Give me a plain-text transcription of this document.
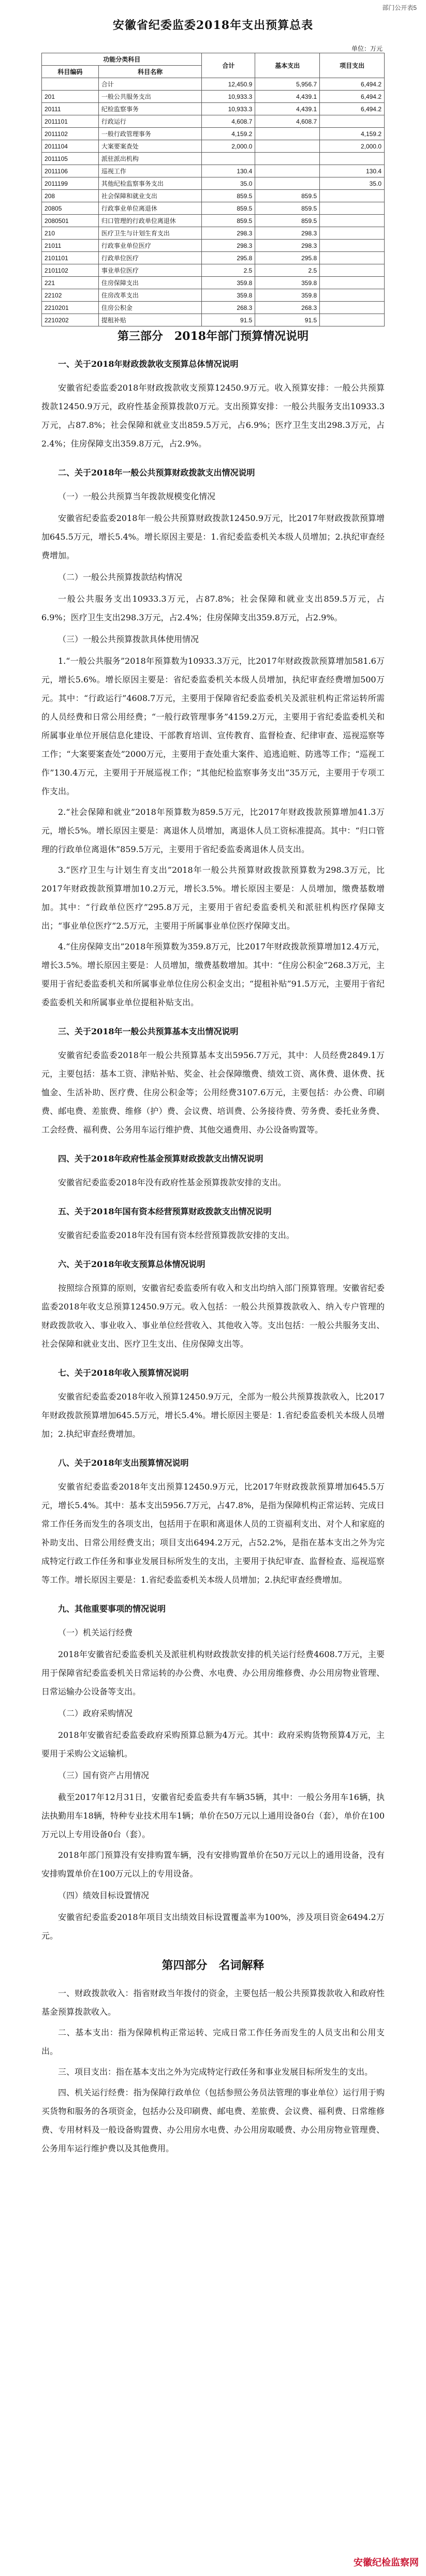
部门公开表5
安徽省纪委监委2018年支出预算总表
单位：万元
功能分类科目		合计	基本支出	项目支出
科目编码	科目名称			
	合计	12,450.9	5,956.7	6,494.2
201	一般公共服务支出	10,933.3	4,439.1	6,494.2
20111	纪检监察事务	10,933.3	4,439.1	6,494.2
2011101	行政运行	4,608.7	4,608.7	
2011102	一般行政管理事务	4,159.2		4,159.2
2011104	大案要案查处	2,000.0		2,000.0
2011105	派驻派出机构			
2011106	巡视工作	130.4		130.4
2011199	其他纪检监察事务支出	35.0		35.0
208	社会保障和就业支出	859.5	859.5	
20805	行政事业单位离退休	859.5	859.5	
2080501	归口管理的行政单位离退休	859.5	859.5	
210	医疗卫生与计划生育支出	298.3	298.3	
21011	行政事业单位医疗	298.3	298.3	
2101101	行政单位医疗	295.8	295.8	
2101102	事业单位医疗	2.5	2.5	
221	住房保障支出	359.8	359.8	
22102	住房改革支出	359.8	359.8	
2210201	住房公积金	268.3	268.3	
2210202	提租补贴	91.5	91.5	
第三部分　2018年部门预算情况说明
一、关于2018年财政拨款收支预算总体情况说明

安徽省纪委监委2018年财政拨款收支预算12450.9万元。收入预算安排：一般公共预算拨款12450.9万元，政府性基金预算拨款0万元。支出预算安排：一般公共服务支出10933.3万元，占87.8%；社会保障和就业支出859.5万元，占6.9%；医疗卫生支出298.3万元，占2.4%；住房保障支出359.8万元，占2.9%。

二、关于2018年一般公共预算财政拨款支出情况说明
（一）一般公共预算当年拨款规模变化情况

安徽省纪委监委2018年一般公共预算财政拨款12450.9万元，比2017年财政拨款预算增加645.5万元，增长5.4%。增长原因主要是：1.省纪委监委机关本级人员增加；2.执纪审查经费增加。

（二）一般公共预算拨款结构情况

一般公共服务支出10933.3万元，占87.8%；社会保障和就业支出859.5万元，占6.9%；医疗卫生支出298.3万元，占2.4%；住房保障支出359.8万元，占2.9%。

（三）一般公共预算拨款具体使用情况

1.“一般公共服务”2018年预算数为10933.3万元，比2017年财政拨款预算增加581.6万元，增长5.6%。增长原因主要是：省纪委监委机关本级人员增加，执纪审查经费增加500万元。其中：“行政运行”4608.7万元，主要用于保障省纪委监委机关及派驻机构正常运转所需的人员经费和日常公用经费；“一般行政管理事务”4159.2万元，主要用于省纪委监委机关和所属事业单位开展信息化建设、干部教育培训、宣传教育、监督检查、纪律审查、巡视巡察等工作；“大案要案查处”2000万元，主要用于查处重大案件、追逃追赃、防逃等工作；“巡视工作”130.4万元，主要用于开展巡视工作；“其他纪检监察事务支出”35万元，主要用于专项工作支出。

2.“社会保障和就业”2018年预算数为859.5万元，比2017年财政拨款预算增加41.3万元，增长5%。增长原因主要是：离退休人员增加，离退休人员工资标准提高。其中：“归口管理的行政单位离退休”859.5万元，主要用于省纪委监委离退休人员支出。

3.“医疗卫生与计划生育支出”2018年一般公共预算财政拨款预算数为298.3万元，比2017年财政拨款预算增加10.2万元，增长3.5%。增长原因主要是：人员增加，缴费基数增加。其中：“行政单位医疗”295.8万元，主要用于省纪委监委机关和派驻机构医疗保障支出；“事业单位医疗”2.5万元，主要用于所属事业单位医疗保障支出。

4.“住房保障支出”2018年预算数为359.8万元，比2017年财政拨款预算增加12.4万元，增长3.5%。增长原因主要是：人员增加，缴费基数增加。其中：“住房公积金”268.3万元，主要用于省纪委监委机关和所属事业单位住房公积金支出；“提租补贴”91.5万元，主要用于省纪委监委机关和所属事业单位提租补贴支出。

三、关于2018年一般公共预算基本支出情况说明

安徽省纪委监委2018年一般公共预算基本支出5956.7万元，其中：人员经费2849.1万元，主要包括：基本工资、津贴补贴、奖金、社会保障缴费、绩效工资、离休费、退休费、抚恤金、生活补助、医疗费、住房公积金等；公用经费3107.6万元，主要包括：办公费、印刷费、邮电费、差旅费、维修（护）费、会议费、培训费、公务接待费、劳务费、委托业务费、工会经费、福利费、公务用车运行维护费、其他交通费用、办公设备购置等。

四、关于2018年政府性基金预算财政拨款支出情况说明

安徽省纪委监委2018年没有政府性基金预算拨款安排的支出。

五、关于2018年国有资本经营预算财政拨款支出情况说明

安徽省纪委监委2018年没有国有资本经营预算拨款安排的支出。

六、关于2018年收支预算总体情况说明

按照综合预算的原则，安徽省纪委监委所有收入和支出均纳入部门预算管理。安徽省纪委监委2018年收支总预算12450.9万元。收入包括：一般公共预算拨款收入、纳入专户管理的财政拨款收入、事业收入、事业单位经营收入、其他收入等。支出包括：一般公共服务支出、社会保障和就业支出、医疗卫生支出、住房保障支出等。

七、关于2018年收入预算情况说明

安徽省纪委监委2018年收入预算12450.9万元，全部为一般公共预算拨款收入，比2017年财政拨款预算增加645.5万元，增长5.4%。增长原因主要是：1.省纪委监委机关本级人员增加；2.执纪审查经费增加。

八、关于2018年支出预算情况说明

安徽省纪委监委2018年支出预算12450.9万元，比2017年财政拨款预算增加645.5万元，增长5.4%。其中：基本支出5956.7万元，占47.8%，是指为保障机构正常运转、完成日常工作任务而发生的各项支出，包括用于在职和离退休人员的工资福利支出、对个人和家庭的补助支出、日常公用经费支出；项目支出6494.2万元，占52.2%，是指在基本支出之外为完成特定行政工作任务和事业发展目标所发生的支出，主要用于执纪审查、监督检查、巡视巡察等工作。增长原因主要是：1.省纪委监委机关本级人员增加；2.执纪审查经费增加。

九、其他重要事项的情况说明
（一）机关运行经费

2018年安徽省纪委监委机关及派驻机构财政拨款安排的机关运行经费4608.7万元，主要用于保障省纪委监委机关日常运转的办公费、水电费、办公用房维修费、办公用房物业管理、日常运输办公设备等支出。

（二）政府采购情况

2018年安徽省纪委监委政府采购预算总额为4万元。其中：政府采购货物预算4万元，主要用于采购公文运输机。

（三）国有资产占用情况

截至2017年12月31日，安徽省纪委监委共有车辆35辆，其中：一般公务用车16辆，执法执勤用车18辆，特种专业技术用车1辆；单价在50万元以上通用设备0台（套），单价在100万元以上专用设备0台（套）。

2018年部门预算没有安排购置车辆，没有安排购置单价在50万元以上的通用设备，没有安排购置单价在100万元以上的专用设备。

（四）绩效目标设置情况

安徽省纪委监委2018年项目支出绩效目标设置覆盖率为100%，涉及项目资金6494.2万元。

第四部分　名词解释

一、财政拨款收入：指省财政当年拨付的资金，主要包括一般公共预算拨款收入和政府性基金预算拨款收入。

二、基本支出：指为保障机构正常运转、完成日常工作任务而发生的人员支出和公用支出。

三、项目支出：指在基本支出之外为完成特定行政任务和事业发展目标所发生的支出。

四、机关运行经费：指为保障行政单位（包括参照公务员法管理的事业单位）运行用于购买货物和服务的各项资金，包括办公及印刷费、邮电费、差旅费、会议费、福利费、日常维修费、专用材料及一般设备购置费、办公用房水电费、办公用房取暖费、办公用房物业管理费、公务用车运行维护费以及其他费用。

安徽纪检监察网
